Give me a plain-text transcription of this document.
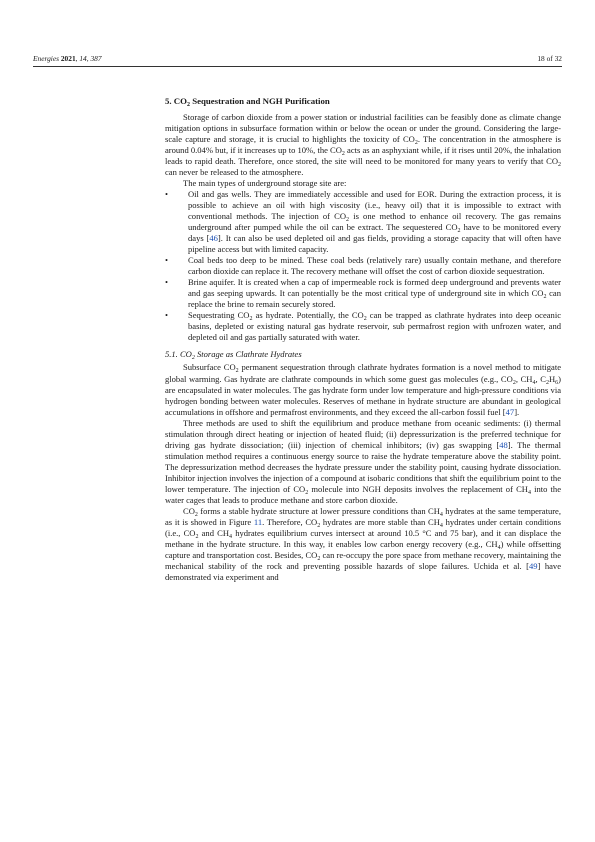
Energies 2021, 14, 387	18 of 32
5. $CO_2$ Sequestration and NGH Purification

Storage of carbon dioxide from a power station or industrial facilities can be feasibly done as climate change mitigation options in subsurface formation within or below the ocean or under the ground. Considering the large-scale capture and storage, it is crucial to highlights the toxicity of $CO_2$. The concentration in the atmosphere is around 0.04% but, if it increases up to 10%, the $CO_2$ acts as an asphyxiant while, if it rises until 20%, the inhalation leads to rapid death. Therefore, once stored, the site will need to be monitored for many years to verify that $CO_2$ can never be released to the atmosphere.

The main types of underground storage site are:

• Oil and gas wells. They are immediately accessible and used for EOR. During the extraction process, it is possible to achieve an oil with high viscosity (i.e., heavy oil) that it is impossible to extract with conventional methods. The injection of $CO_2$ is one method to enhance oil recovery. The gas remains underground after pumped while the oil can be extract. The sequestered $CO_2$ have to be monitored every days [46]. It can also be used depleted oil and gas fields, providing a storage capacity that will often have pipeline access but with limited capacity.
• Coal beds too deep to be mined. These coal beds (relatively rare) usually contain methane, and therefore carbon dioxide can replace it. The recovery methane will offset the cost of carbon dioxide sequestration.
• Brine aquifer. It is created when a cap of impermeable rock is formed deep underground and prevents water and gas seeping upwards. It can potentially be the most critical type of underground site in which $CO_2$ can replace the brine to remain securely stored.
• Sequestrating $CO_2$ as hydrate. Potentially, the $CO_2$ can be trapped as clathrate hydrates into deep oceanic basins, depleted or existing natural gas hydrate reservoir, sub permafrost region with unfrozen water, and depleted oil and gas partially saturated with water.
5.1. $CO_2$ Storage as Clathrate Hydrates

Subsurface $CO_2$ permanent sequestration through clathrate hydrates formation is a novel method to mitigate global warming. Gas hydrate are clathrate compounds in which some guest gas molecules (e.g., $CO_2$, $CH_4$, $C_2H_6$) are encapsulated in water molecules. The gas hydrate form under low temperature and high-pressure conditions via hydrogen bonding between water molecules. Reserves of methane in hydrate structure are abundant in geological accumulations in offshore and permafrost environments, and they exceed the all-carbon fossil fuel [47].

Three methods are used to shift the equilibrium and produce methane from oceanic sediments: (i) thermal stimulation through direct heating or injection of heated fluid; (ii) depressurization is the preferred technique for driving gas hydrate dissociation; (iii) injection of chemical inhibitors; (iv) gas swapping [48]. The thermal stimulation method requires a continuous energy source to raise the hydrate temperature above the stability point. The depressurization method decreases the hydrate pressure under the stability point, causing hydrate dissociation. Inhibitor injection involves the injection of a compound at isobaric conditions that shift the equilibrium point to the lower temperature. The injection of $CO_2$ molecule into NGH deposits involves the replacement of $CH_4$ into the water cages that leads to produce methane and store carbon dioxide.

$CO_2$ forms a stable hydrate structure at lower pressure conditions than $CH_4$ hydrates at the same temperature, as it is showed in Figure 11. Therefore, $CO_2$ hydrates are more stable than $CH_4$ hydrates under certain conditions (i.e., $CO_2$ and $CH_4$ hydrates equilibrium curves intersect at around 10.5 °C and 75 bar), and it can displace the methane in the hydrate structure. In this way, it enables low carbon energy recovery (e.g., $CH_4$) while offsetting capture and transportation cost. Besides, $CO_2$ can re-occupy the pore space from methane recovery, maintaining the mechanical stability of the rock and preventing possible hazards of slope failures. Uchida et al. [49] have demonstrated via experiment and
